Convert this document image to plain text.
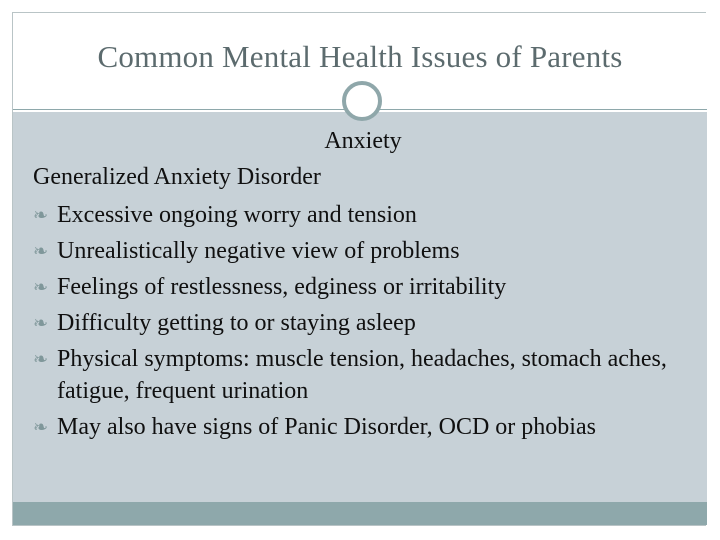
Common Mental Health Issues of Parents
Anxiety
Generalized Anxiety Disorder
❧ Excessive ongoing worry and tension
❧ Unrealistically negative view of problems
❧ Feelings of restlessness, edginess or irritability
❧ Difficulty getting to or staying asleep
❧ Physical symptoms: muscle tension, headaches, stomach aches, fatigue, frequent urination
❧ May also have signs of Panic Disorder, OCD or phobias
